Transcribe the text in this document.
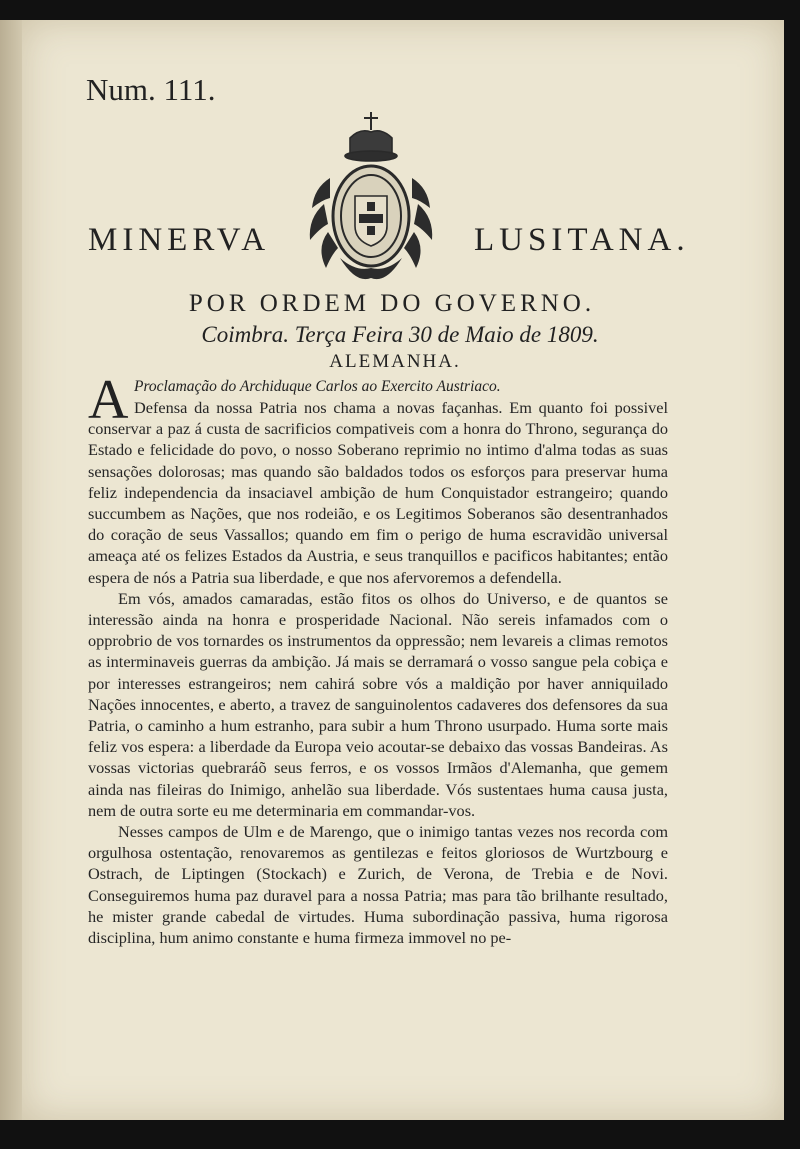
Num. 111.
MINERVA	LUSITANA.
POR ORDEM DO GOVERNO.
Coimbra. Terça Feira 30 de Maio de 1809.
ALEMANHA.
A Proclamação do Archiduque Carlos ao Exercito Austriaco.

Defensa da nossa Patria nos chama a novas façanhas. Em quanto foi possivel conservar a paz á custa de sacrificios compativeis com a honra do Throno, segurança do Estado e felicidade do povo, o nosso Soberano reprimio no intimo d'alma todas as suas sensações dolorosas; mas quando são baldados todos os esforços para preservar huma feliz independencia da insaciavel ambição de hum Conquistador estrangeiro; quando succumbem as Nações, que nos rodeião, e os Legitimos Soberanos são desentranhados do coração de seus Vassallos; quando em fim o perigo de huma escravidão universal ameaça até os felizes Estados da Austria, e seus tranquillos e pacificos habitantes; então espera de nós a Patria sua liberdade, e que nos afervoremos a defendella.

Em vós, amados camaradas, estão fitos os olhos do Universo, e de quantos se interessão ainda na honra e prosperidade Nacional. Não sereis infamados com o opprobrio de vos tornardes os instrumentos da oppressão; nem levareis a climas remotos as interminaveis guerras da ambição. Já mais se derramará o vosso sangue pela cobiça e por interesses estrangeiros; nem cahirá sobre vós a maldição por haver anniquilado Nações innocentes, e aberto, a travez de sanguinolentos cadaveres dos defensores da sua Patria, o caminho a hum estranho, para subir a hum Throno usurpado. Huma sorte mais feliz vos espera: a liberdade da Europa veio acoutar-se debaixo das vossas Bandeiras. As vossas victorias quebraráõ seus ferros, e os vossos Irmãos d'Alemanha, que gemem ainda nas fileiras do Inimigo, anhelão sua liberdade. Vós sustentaes huma causa justa, nem de outra sorte eu me determinaria em commandar-vos.

Nesses campos de Ulm e de Marengo, que o inimigo tantas vezes nos recorda com orgulhosa ostentação, renovaremos as gentilezas e feitos gloriosos de Wurtzbourg e Ostrach, de Liptingen (Stockach) e Zurich, de Verona, de Trebia e de Novi. Conseguiremos huma paz duravel para a nossa Patria; mas para tão brilhante resultado, he mister grande cabedal de virtudes. Huma subordinação passiva, huma rigorosa disciplina, hum animo constante e huma firmeza immovel no pe-
